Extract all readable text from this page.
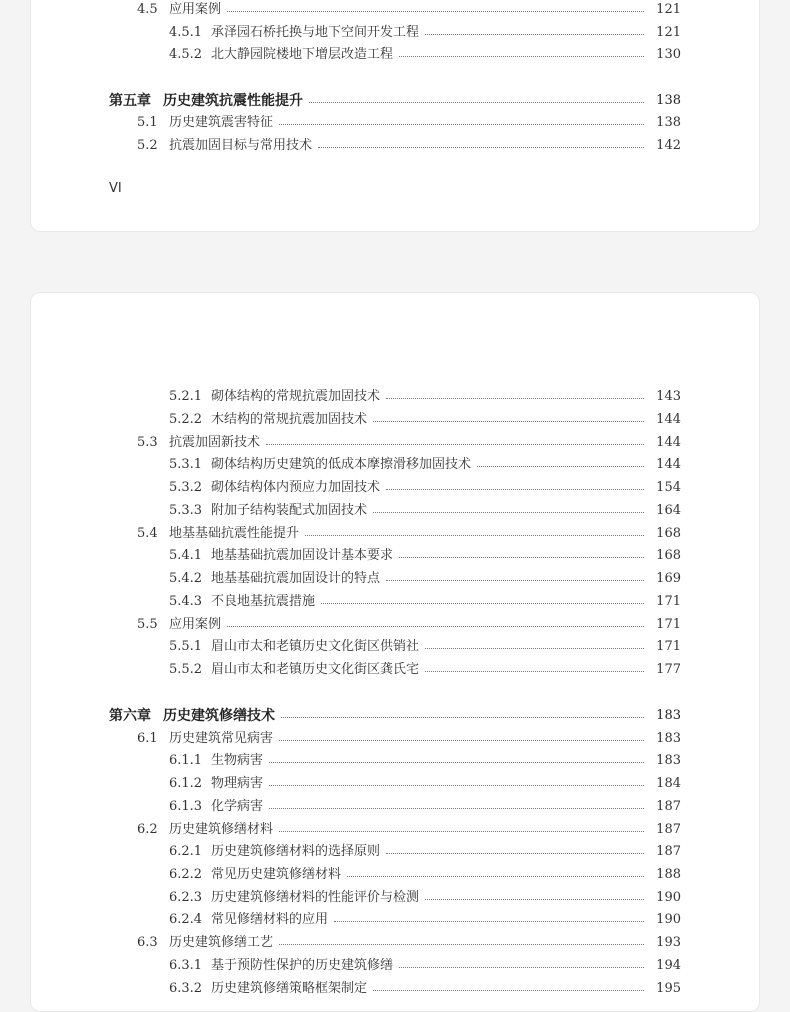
4.5 应用案例	121
4.5.1 承泽园石桥托换与地下空间开发工程	121
4.5.2 北大静园院楼地下增层改造工程	130
第五章 历史建筑抗震性能提升	138
5.1 历史建筑震害特征	138
5.2 抗震加固目标与常用技术	142
VI
5.2.1 砌体结构的常规抗震加固技术	143
5.2.2 木结构的常规抗震加固技术	144
5.3 抗震加固新技术	144
5.3.1 砌体结构历史建筑的低成本摩擦滑移加固技术	144
5.3.2 砌体结构体内预应力加固技术	154
5.3.3 附加子结构装配式加固技术	164
5.4 地基基础抗震性能提升	168
5.4.1 地基基础抗震加固设计基本要求	168
5.4.2 地基基础抗震加固设计的特点	169
5.4.3 不良地基抗震措施	171
5.5 应用案例	171
5.5.1 眉山市太和老镇历史文化街区供销社	171
5.5.2 眉山市太和老镇历史文化街区龚氏宅	177
第六章 历史建筑修缮技术	183
6.1 历史建筑常见病害	183
6.1.1 生物病害	183
6.1.2 物理病害	184
6.1.3 化学病害	187
6.2 历史建筑修缮材料	187
6.2.1 历史建筑修缮材料的选择原则	187
6.2.2 常见历史建筑修缮材料	188
6.2.3 历史建筑修缮材料的性能评价与检测	190
6.2.4 常见修缮材料的应用	190
6.3 历史建筑修缮工艺	193
6.3.1 基于预防性保护的历史建筑修缮	194
6.3.2 历史建筑修缮策略框架制定	195
